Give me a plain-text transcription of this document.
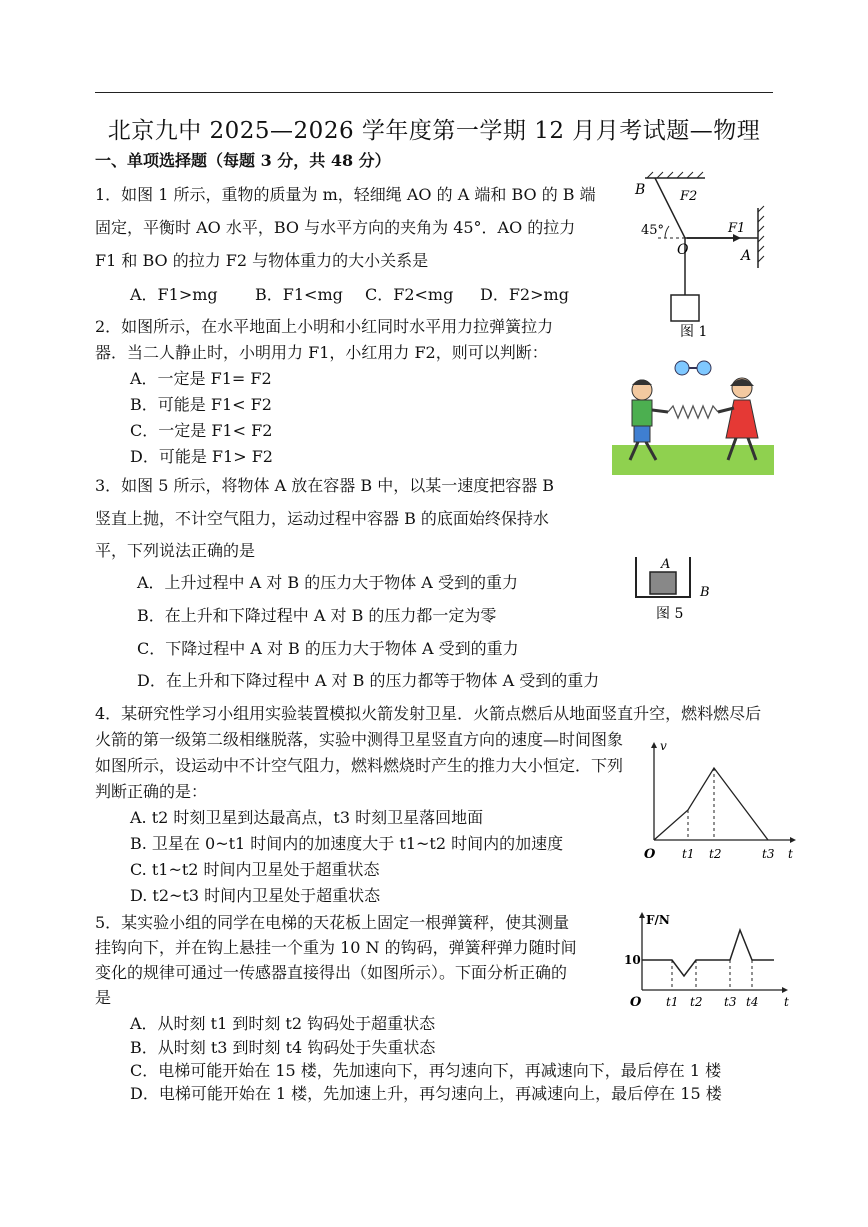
北京九中 2025—2026 学年度第一学期 12 月月考试题—物理
一、单项选择题（每题 3 分，共 48 分）
1．如图 1 所示，重物的质量为 m，轻细绳 AO 的 A 端和 BO 的 B 端
固定，平衡时 AO 水平，BO 与水平方向的夹角为 45°．AO 的拉力
F1 和 BO 的拉力 F2 与物体重力的大小关系是
A．F1>mg B．F1<mg C．F2<mg D．F2>mg
B	F2
45°
O
F1
A
图 1
2．如图所示，在水平地面上小明和小红同时水平用力拉弹簧拉力
器．当二人静止时，小明用力 F1，小红用力 F2，则可以判断：
A．一定是 F1= F2
B．可能是 F1< F2
C．一定是 F1< F2
D．可能是 F1> F2
3．如图 5 所示，将物体 A 放在容器 B 中，以某一速度把容器 B
竖直上抛，不计空气阻力，运动过程中容器 B 的底面始终保持水
平，下列说法正确的是
A．上升过程中 A 对 B 的压力大于物体 A 受到的重力
B．在上升和下降过程中 A 对 B 的压力都一定为零
C．下降过程中 A 对 B 的压力大于物体 A 受到的重力
D．在上升和下降过程中 A 对 B 的压力都等于物体 A 受到的重力
A
B
图 5
4．某研究性学习小组用实验装置模拟火箭发射卫星．火箭点燃后从地面竖直升空，燃料燃尽后
火箭的第一级第二级相继脱落，实验中测得卫星竖直方向的速度—时间图象
如图所示，设运动中不计空气阻力，燃料燃烧时产生的推力大小恒定．下列
判断正确的是：
A. t2 时刻卫星到达最高点，t3 时刻卫星落回地面
B. 卫星在 0~t1 时间内的加速度大于 t1~t2 时间内的加速度
C. t1~t2 时间内卫星处于超重状态
D. t2~t3 时间内卫星处于超重状态
v
t
O t1 t2	t3
5．某实验小组的同学在电梯的天花板上固定一根弹簧秤，使其测量
挂钩向下，并在钩上悬挂一个重为 10 N 的钩码，弹簧秤弹力随时间
变化的规律可通过一传感器直接得出（如图所示）。下面分析正确的
是
A．从时刻 t1 到时刻 t2 钩码处于超重状态
B．从时刻 t3 到时刻 t4 钩码处于失重状态
C．电梯可能开始在 15 楼，先加速向下，再匀速向下，再减速向下，最后停在 1 楼
D．电梯可能开始在 1 楼，先加速上升，再匀速向上，再减速向上，最后停在 15 楼
F/N
10
O	t
t1 t2 t3 t4
